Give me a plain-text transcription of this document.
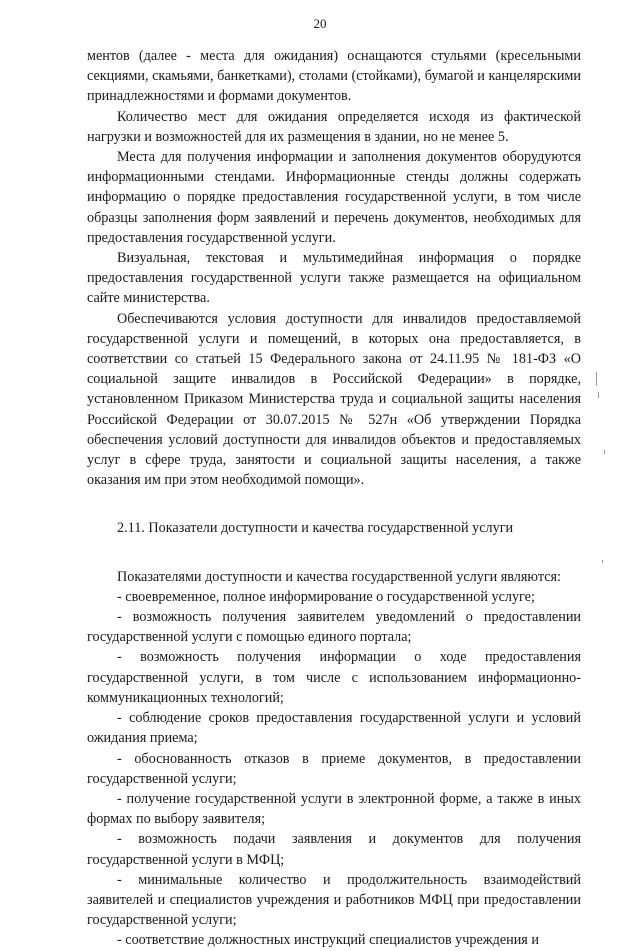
20

ментов (далее - места для ожидания) оснащаются стульями (кресельными секциями, скамьями, банкетками), столами (стойками), бумагой и канцелярскими принадлежностями и формами документов.

Количество мест для ожидания определяется исходя из фактической нагрузки и возможностей для их размещения в здании, но не менее 5.

Места для получения информации и заполнения документов оборудуются информационными стендами. Информационные стенды должны содержать информацию о порядке предоставления государственной услуги, в том числе образцы заполнения форм заявлений и перечень документов, необходимых для предоставления государственной услуги.

Визуальная, текстовая и мультимедийная информация о порядке предоставления государственной услуги также размещается на официальном сайте министерства.

Обеспечиваются условия доступности для инвалидов предоставляемой государственной услуги и помещений, в которых она предоставляется, в соответствии со статьей 15 Федерального закона от 24.11.95 № 181-ФЗ «О социальной защите инвалидов в Российской Федерации» в порядке, установленном Приказом Министерства труда и социальной защиты населения Российской Федерации от 30.07.2015 № 527н «Об утверждении Порядка обеспечения условий доступности для инвалидов объектов и предоставляемых услуг в сфере труда, занятости и социальной защиты населения, а также оказания им при этом необходимой помощи».

2.11. Показатели доступности и качества государственной услуги

Показателями доступности и качества государственной услуги являются:

- своевременное, полное информирование о государственной услуге;

- возможность получения заявителем уведомлений о предоставлении государственной услуги с помощью единого портала;

- возможность получения информации о ходе предоставления государственной услуги, в том числе с использованием информационно-коммуникационных технологий;

- соблюдение сроков предоставления государственной услуги и условий ожидания приема;

- обоснованность отказов в приеме документов, в предоставлении государственной услуги;

- получение государственной услуги в электронной форме, а также в иных формах по выбору заявителя;

- возможность подачи заявления и документов для получения государственной услуги в МФЦ;

- минимальные количество и продолжительность взаимодействий заявителей и специалистов учреждения и работников МФЦ при предоставлении государственной услуги;

- соответствие должностных инструкций специалистов учреждения и
